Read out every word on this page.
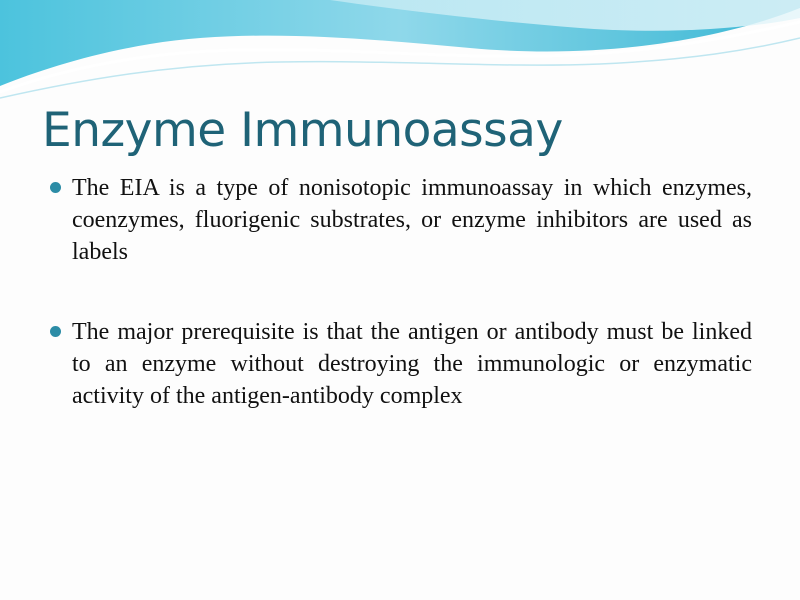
Enzyme Immunoassay
The EIA is a type of nonisotopic immunoassay in which enzymes, coenzymes, fluorigenic substrates, or enzyme inhibitors are used as labels
The major prerequisite is that the antigen or antibody must be linked to an enzyme without destroying the immunologic or enzymatic activity of the antigen-antibody complex
